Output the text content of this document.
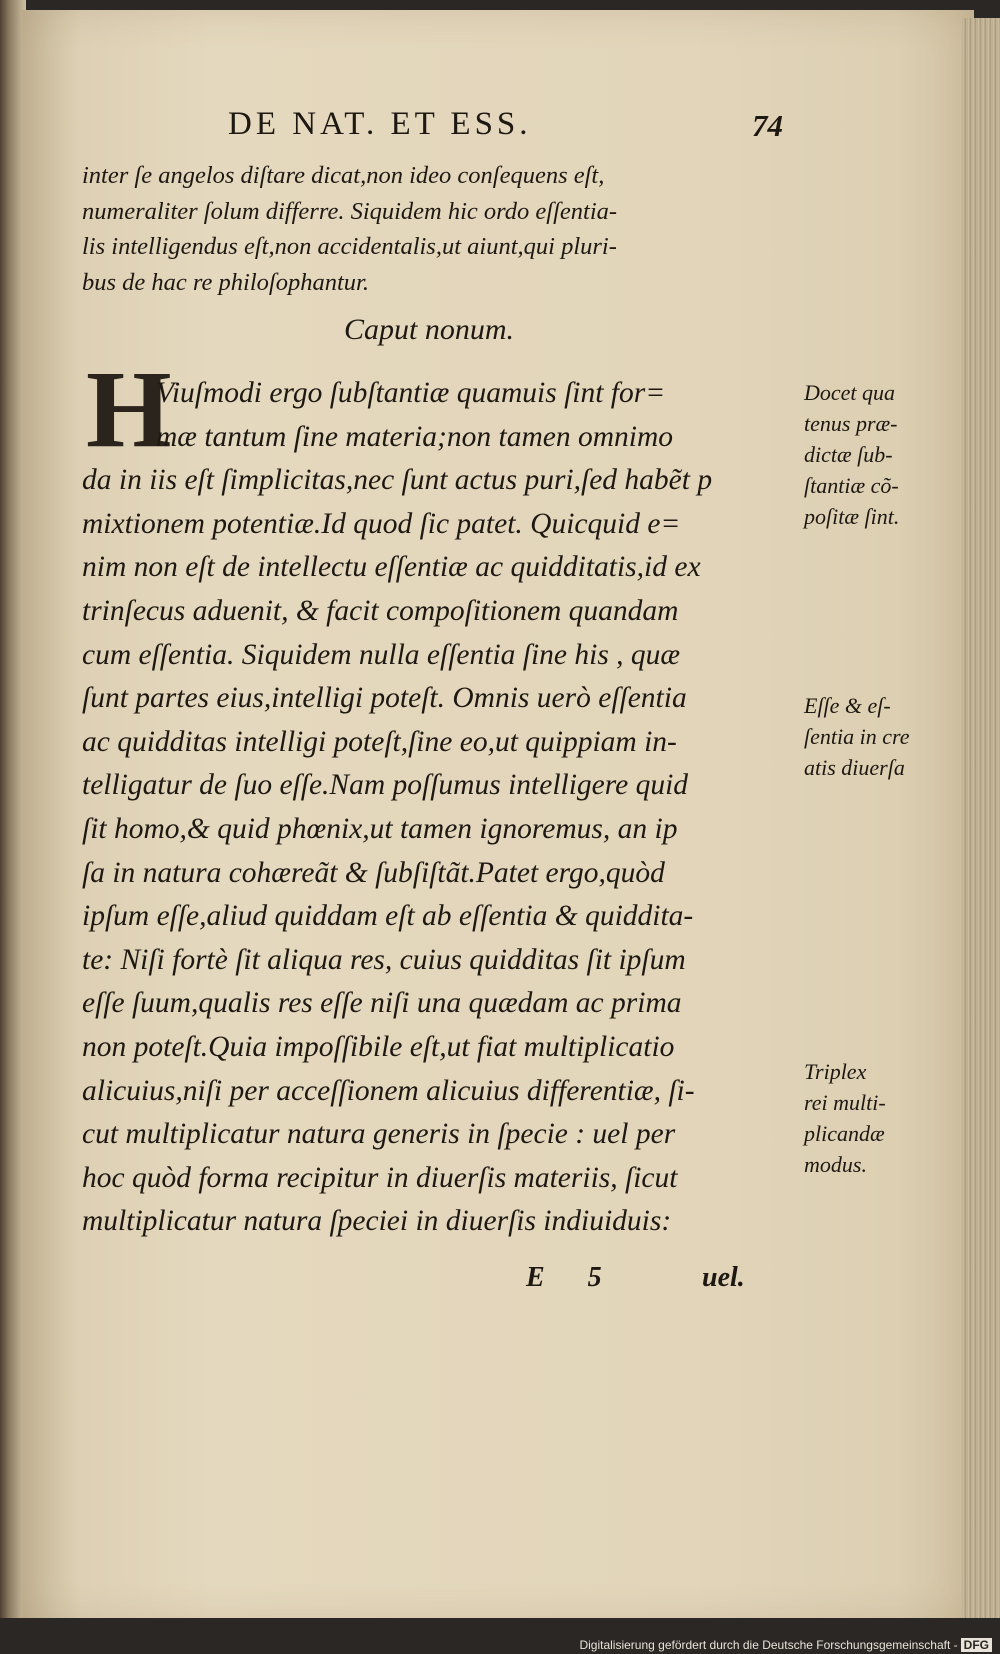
DE NAT. ET ESS.	74
inter ſe angelos diſtare dicat,non ideo conſequens eſt,
numeraliter ſolum differre. Siquidem hic ordo eſſentia-
lis intelligendus eſt,non accidentalis,ut aiunt,qui pluri-
bus de hac re philoſophantur.
Caput nonum.
H
Viuſmodi ergo ſubſtantiæ quamuis ſint for=
mæ tantum ſine materia;non tamen omnimo
da in iis eſt ſimplicitas,nec ſunt actus puri,ſed habẽt p
mixtionem potentiæ.Id quod ſic patet. Quicquid e=
nim non eſt de intellectu eſſentiæ ac quidditatis,id ex
trinſecus aduenit, & facit compoſitionem quandam
cum eſſentia. Siquidem nulla eſſentia ſine his , quæ
ſunt partes eius,intelligi poteſt. Omnis uerò eſſentia
ac quidditas intelligi poteſt,ſine eo,ut quippiam in-
telligatur de ſuo eſſe.Nam poſſumus intelligere quid
ſit homo,& quid phœnix,ut tamen ignoremus, an ip
ſa in natura cohæreãt & ſubſiſtãt.Patet ergo,quòd
ipſum eſſe,aliud quiddam eſt ab eſſentia & quiddita-
te: Niſi fortè ſit aliqua res, cuius quidditas ſit ipſum
eſſe ſuum,qualis res eſſe niſi una quædam ac prima
non poteſt.Quia impoſſibile eſt,ut fiat multiplicatio
alicuius,niſi per acceſſionem alicuius differentiæ, ſi-
cut multiplicatur natura generis in ſpecie : uel per
hoc quòd forma recipitur in diuerſis materiis, ſicut
multiplicatur natura ſpeciei in diuerſis indiuiduis:
E 5	uel.
Docet qua
tenus præ-
dictæ ſub-
ſtantiæ cõ-
poſitæ ſint.
Eſſe & eſ-
ſentia in cre
atis diuerſa
Triplex
rei multi-
plicandæ
modus.
Digitalisierung gefördert durch die Deutsche Forschungsgemeinschaft - DFG
